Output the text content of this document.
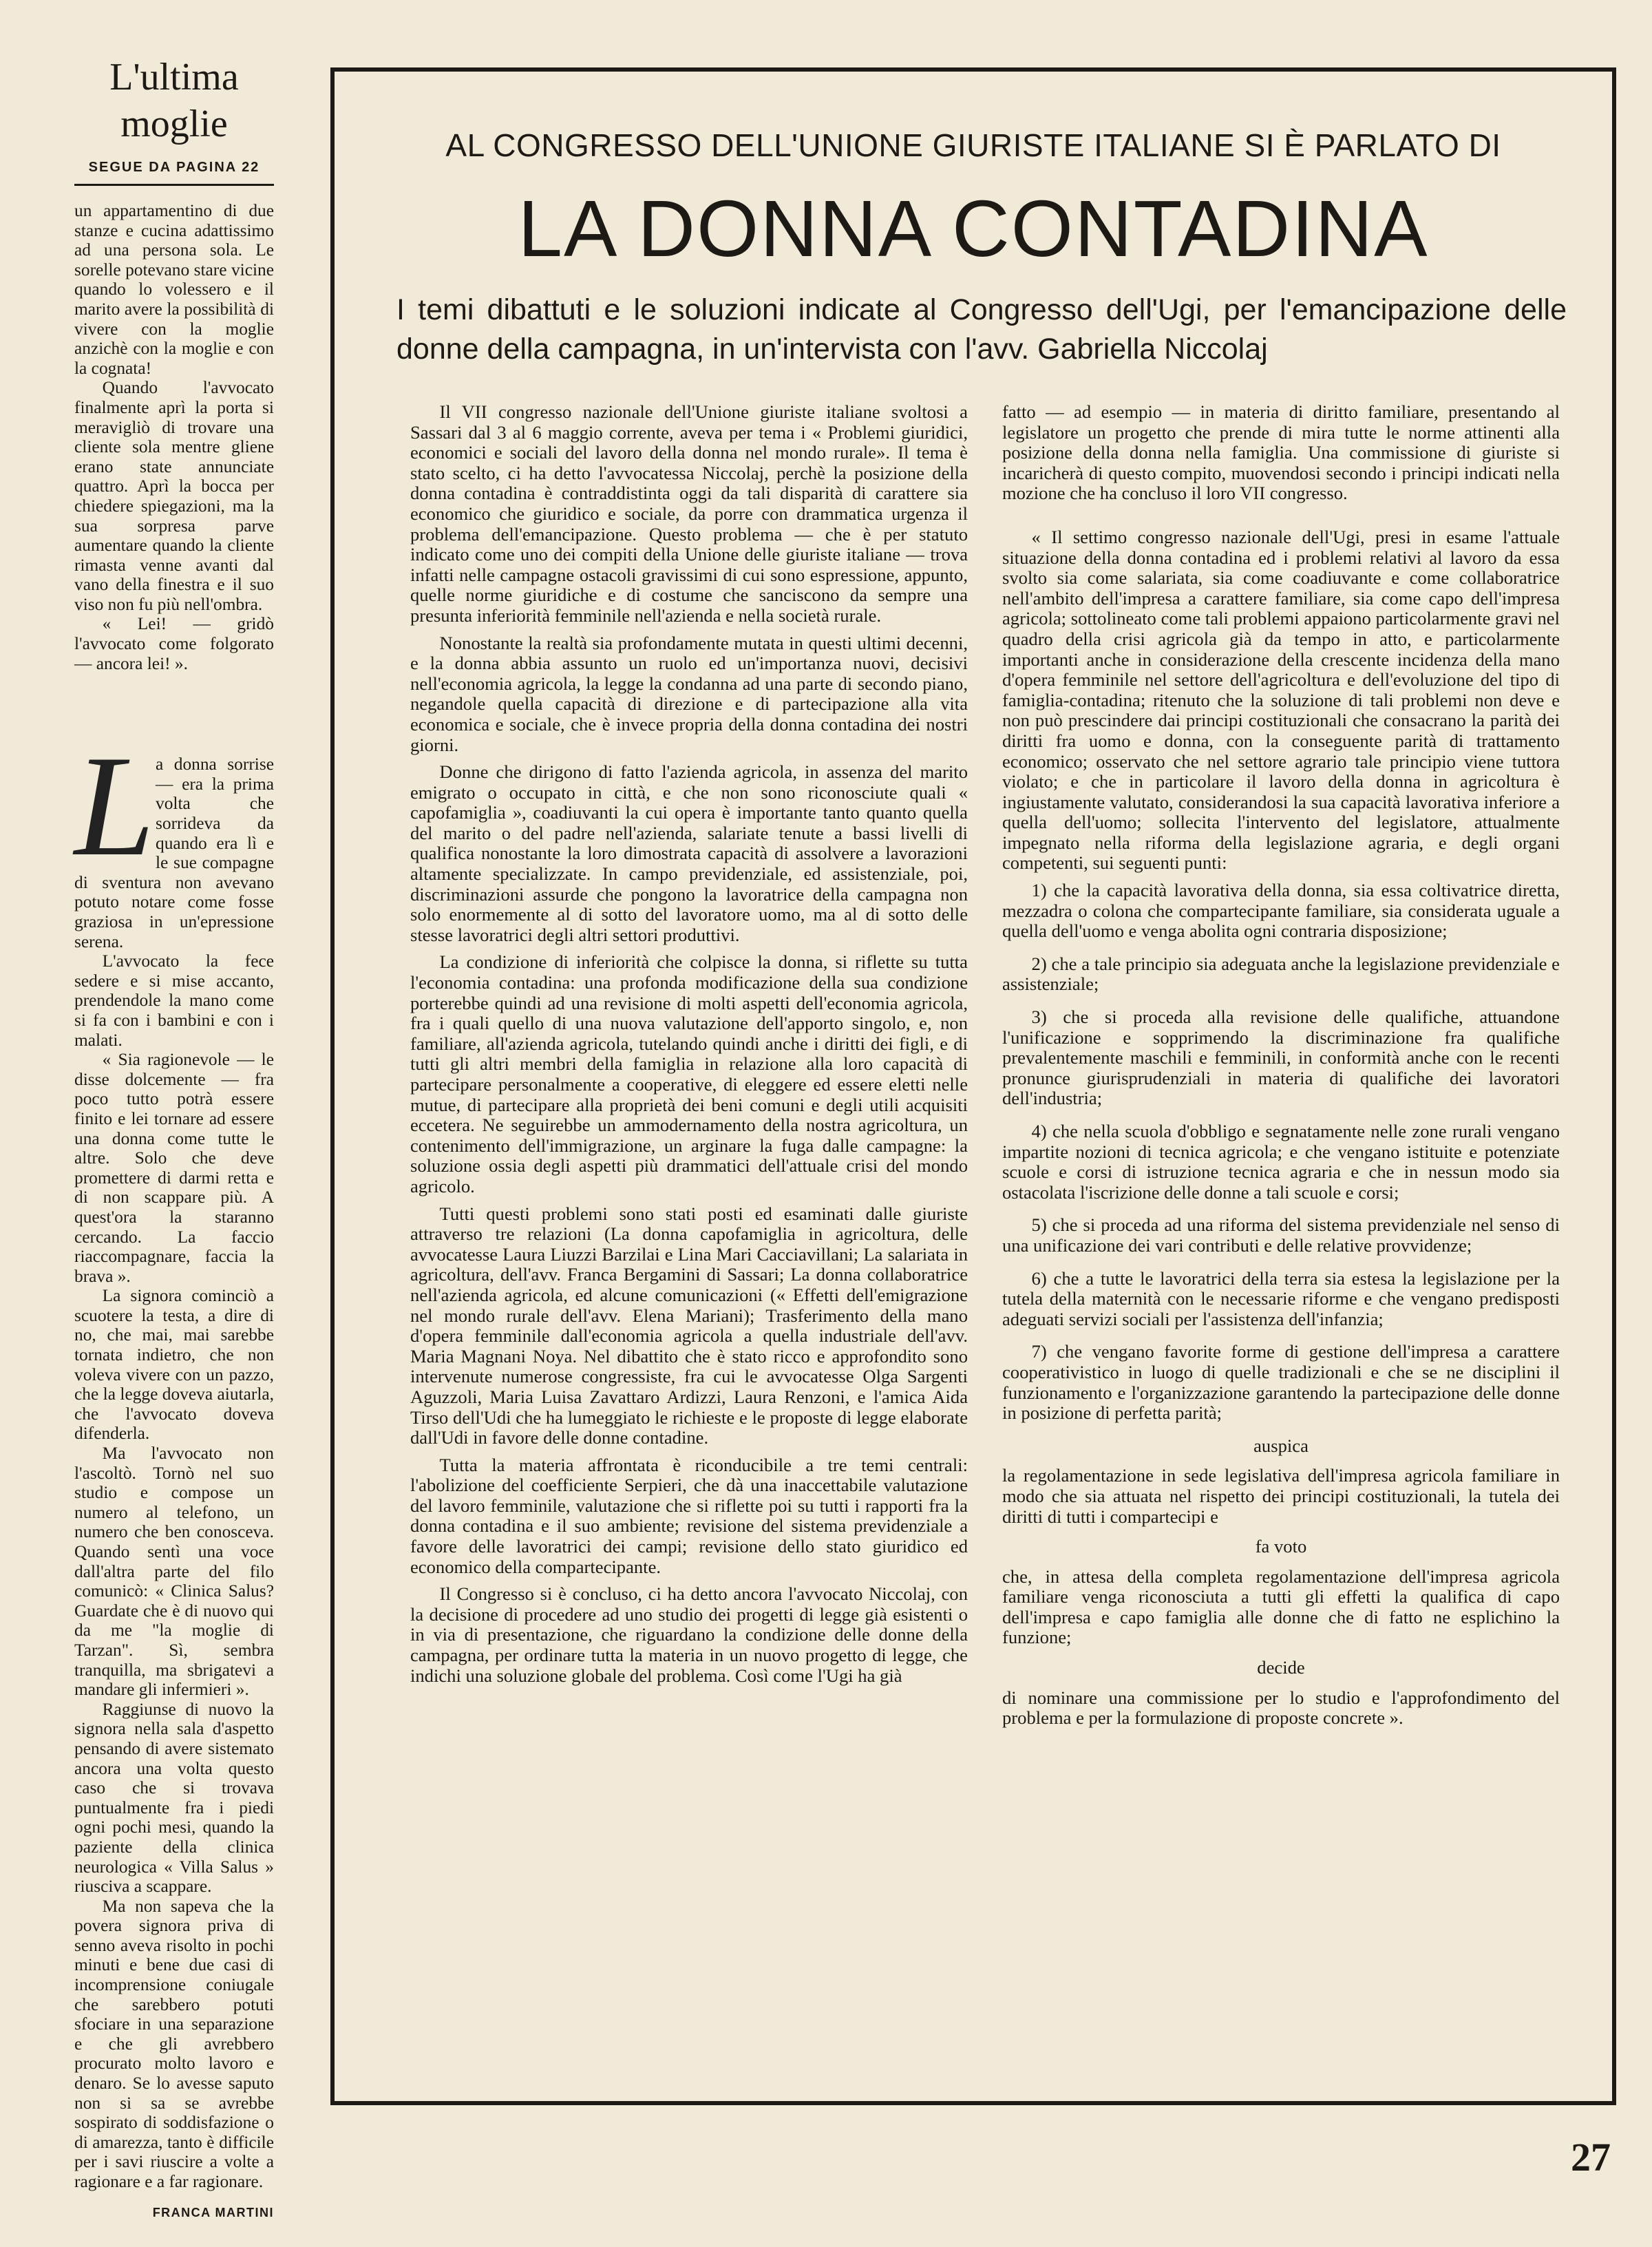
L'ultima moglie
SEGUE DA PAGINA 22

un appartamentino di due stanze e cucina adattissimo ad una persona sola. Le sorelle potevano stare vicine quando lo volessero e il marito avere la possibilità di vivere con la moglie anzichè con la moglie e con la cognata!

Quando l'avvocato finalmente aprì la porta si meravigliò di trovare una cliente sola mentre gliene erano state annunciate quattro. Aprì la bocca per chiedere spiegazioni, ma la sua sorpresa parve aumentare quando la cliente rimasta venne avanti dal vano della finestra e il suo viso non fu più nell'ombra.

« Lei! — gridò l'avvocato come folgorato — ancora lei! ».

L a donna sorrise — era la prima volta che sorrideva da quando era lì e le sue compagne di sventura non avevano potuto notare come fosse graziosa in un'epressione serena.

L'avvocato la fece sedere e si mise accanto, prendendole la mano come si fa con i bambini e con i malati.

« Sia ragionevole — le disse dolcemente — fra poco tutto potrà essere finito e lei tornare ad essere una donna come tutte le altre. Solo che deve promettere di darmi retta e di non scappare più. A quest'ora la staranno cercando. La faccio riaccompagnare, faccia la brava ».

La signora cominciò a scuotere la testa, a dire di no, che mai, mai sarebbe tornata indietro, che non voleva vivere con un pazzo, che la legge doveva aiutarla, che l'avvocato doveva difenderla.

Ma l'avvocato non l'ascoltò. Tornò nel suo studio e compose un numero al telefono, un numero che ben conosceva. Quando sentì una voce dall'altra parte del filo comunicò: « Clinica Salus? Guardate che è di nuovo qui da me "la moglie di Tarzan". Sì, sembra tranquilla, ma sbrigatevi a mandare gli infermieri ».

Raggiunse di nuovo la signora nella sala d'aspetto pensando di avere sistemato ancora una volta questo caso che si trovava puntualmente fra i piedi ogni pochi mesi, quando la paziente della clinica neurologica « Villa Salus » riusciva a scappare.

Ma non sapeva che la povera signora priva di senno aveva risolto in pochi minuti e bene due casi di incomprensione coniugale che sarebbero potuti sfociare in una separazione e che gli avrebbero procurato molto lavoro e denaro. Se lo avesse saputo non si sa se avrebbe sospirato di soddisfazione o di amarezza, tanto è difficile per i savi riuscire a volte a ragionare e a far ragionare.

FRANCA MARTINI
AL CONGRESSO DELL'UNIONE GIURISTE ITALIANE SI È PARLATO DI
LA DONNA CONTADINA
I temi dibattuti e le soluzioni indicate al Congresso dell'Ugi, per l'emancipazione delle donne della campagna, in un'intervista con l'avv. Gabriella Niccolaj

Il VII congresso nazionale dell'Unione giuriste italiane svoltosi a Sassari dal 3 al 6 maggio corrente, aveva per tema i « Problemi giuridici, economici e sociali del lavoro della donna nel mondo rurale». Il tema è stato scelto, ci ha detto l'avvocatessa Niccolaj, perchè la posizione della donna contadina è contraddistinta oggi da tali disparità di carattere sia economico che giuridico e sociale, da porre con drammatica urgenza il problema dell'emancipazione. Questo problema — che è per statuto indicato come uno dei compiti della Unione delle giuriste italiane — trova infatti nelle campagne ostacoli gravissimi di cui sono espressione, appunto, quelle norme giuridiche e di costume che sanciscono da sempre una presunta inferiorità femminile nell'azienda e nella società rurale.

Nonostante la realtà sia profondamente mutata in questi ultimi decenni, e la donna abbia assunto un ruolo ed un'importanza nuovi, decisivi nell'economia agricola, la legge la condanna ad una parte di secondo piano, negandole quella capacità di direzione e di partecipazione alla vita economica e sociale, che è invece propria della donna contadina dei nostri giorni.

Donne che dirigono di fatto l'azienda agricola, in assenza del marito emigrato o occupato in città, e che non sono riconosciute quali « capofamiglia », coadiuvanti la cui opera è importante tanto quanto quella del marito o del padre nell'azienda, salariate tenute a bassi livelli di qualifica nonostante la loro dimostrata capacità di assolvere a lavorazioni altamente specializzate. In campo previdenziale, ed assistenziale, poi, discriminazioni assurde che pongono la lavoratrice della campagna non solo enormemente al di sotto del lavoratore uomo, ma al di sotto delle stesse lavoratrici degli altri settori produttivi.

La condizione di inferiorità che colpisce la donna, si riflette su tutta l'economia contadina: una profonda modificazione della sua condizione porterebbe quindi ad una revisione di molti aspetti dell'economia agricola, fra i quali quello di una nuova valutazione dell'apporto singolo, e, non familiare, all'azienda agricola, tutelando quindi anche i diritti dei figli, e di tutti gli altri membri della famiglia in relazione alla loro capacità di partecipare personalmente a cooperative, di eleggere ed essere eletti nelle mutue, di partecipare alla proprietà dei beni comuni e degli utili acquisiti eccetera. Ne seguirebbe un ammodernamento della nostra agricoltura, un contenimento dell'immigrazione, un arginare la fuga dalle campagne: la soluzione ossia degli aspetti più drammatici dell'attuale crisi del mondo agricolo.

Tutti questi problemi sono stati posti ed esaminati dalle giuriste attraverso tre relazioni (La donna capofamiglia in agricoltura, delle avvocatesse Laura Liuzzi Barzilai e Lina Mari Cacciavillani; La salariata in agricoltura, dell'avv. Franca Bergamini di Sassari; La donna collaboratrice nell'azienda agricola, ed alcune comunicazioni (« Effetti dell'emigrazione nel mondo rurale dell'avv. Elena Mariani); Trasferimento della mano d'opera femminile dall'economia agricola a quella industriale dell'avv. Maria Magnani Noya. Nel dibattito che è stato ricco e approfondito sono intervenute numerose congressiste, fra cui le avvocatesse Olga Sargenti Aguzzoli, Maria Luisa Zavattaro Ardizzi, Laura Renzoni, e l'amica Aida Tirso dell'Udi che ha lumeggiato le richieste e le proposte di legge elaborate dall'Udi in favore delle donne contadine.

Tutta la materia affrontata è riconducibile a tre temi centrali: l'abolizione del coefficiente Serpieri, che dà una inaccettabile valutazione del lavoro femminile, valutazione che si riflette poi su tutti i rapporti fra la donna contadina e il suo ambiente; revisione del sistema previdenziale a favore delle lavoratrici dei campi; revisione dello stato giuridico ed economico della compartecipante.

Il Congresso si è concluso, ci ha detto ancora l'avvocato Niccolaj, con la decisione di procedere ad uno studio dei progetti di legge già esistenti o in via di presentazione, che riguardano la condizione delle donne della campagna, per ordinare tutta la materia in un nuovo progetto di legge, che indichi una soluzione globale del problema. Così come l'Ugi ha già

fatto — ad esempio — in materia di diritto familiare, presentando al legislatore un progetto che prende di mira tutte le norme attinenti alla posizione della donna nella famiglia. Una commissione di giuriste si incaricherà di questo compito, muovendosi secondo i principi indicati nella mozione che ha concluso il loro VII congresso.

« Il settimo congresso nazionale dell'Ugi, presi in esame l'attuale situazione della donna contadina ed i problemi relativi al lavoro da essa svolto sia come salariata, sia come coadiuvante e come collaboratrice nell'ambito dell'impresa a carattere familiare, sia come capo dell'impresa agricola; sottolineato come tali problemi appaiono particolarmente gravi nel quadro della crisi agricola già da tempo in atto, e particolarmente importanti anche in considerazione della crescente incidenza della mano d'opera femminile nel settore dell'agricoltura e dell'evoluzione del tipo di famiglia-contadina; ritenuto che la soluzione di tali problemi non deve e non può prescindere dai principi costituzionali che consacrano la parità dei diritti fra uomo e donna, con la conseguente parità di trattamento economico; osservato che nel settore agrario tale principio viene tuttora violato; e che in particolare il lavoro della donna in agricoltura è ingiustamente valutato, considerandosi la sua capacità lavorativa inferiore a quella dell'uomo; sollecita l'intervento del legislatore, attualmente impegnato nella riforma della legislazione agraria, e degli organi competenti, sui seguenti punti:

1) che la capacità lavorativa della donna, sia essa coltivatrice diretta, mezzadra o colona che compartecipante familiare, sia considerata uguale a quella dell'uomo e venga abolita ogni contraria disposizione;

2) che a tale principio sia adeguata anche la legislazione previdenziale e assistenziale;

3) che si proceda alla revisione delle qualifiche, attuandone l'unificazione e sopprimendo la discriminazione fra qualifiche prevalentemente maschili e femminili, in conformità anche con le recenti pronunce giurisprudenziali in materia di qualifiche dei lavoratori dell'industria;

4) che nella scuola d'obbligo e segnatamente nelle zone rurali vengano impartite nozioni di tecnica agricola; e che vengano istituite e potenziate scuole e corsi di istruzione tecnica agraria e che in nessun modo sia ostacolata l'iscrizione delle donne a tali scuole e corsi;

5) che si proceda ad una riforma del sistema previdenziale nel senso di una unificazione dei vari contributi e delle relative provvidenze;

6) che a tutte le lavoratrici della terra sia estesa la legislazione per la tutela della maternità con le necessarie riforme e che vengano predisposti adeguati servizi sociali per l'assistenza dell'infanzia;

7) che vengano favorite forme di gestione dell'impresa a carattere cooperativistico in luogo di quelle tradizionali e che se ne disciplini il funzionamento e l'organizzazione garantendo la partecipazione delle donne in posizione di perfetta parità;

auspica

la regolamentazione in sede legislativa dell'impresa agricola familiare in modo che sia attuata nel rispetto dei principi costituzionali, la tutela dei diritti di tutti i compartecipi e

fa voto

che, in attesa della completa regolamentazione dell'impresa agricola familiare venga riconosciuta a tutti gli effetti la qualifica di capo dell'impresa e capo famiglia alle donne che di fatto ne esplichino la funzione;

decide

di nominare una commissione per lo studio e l'approfondimento del problema e per la formulazione di proposte concrete ».

27
